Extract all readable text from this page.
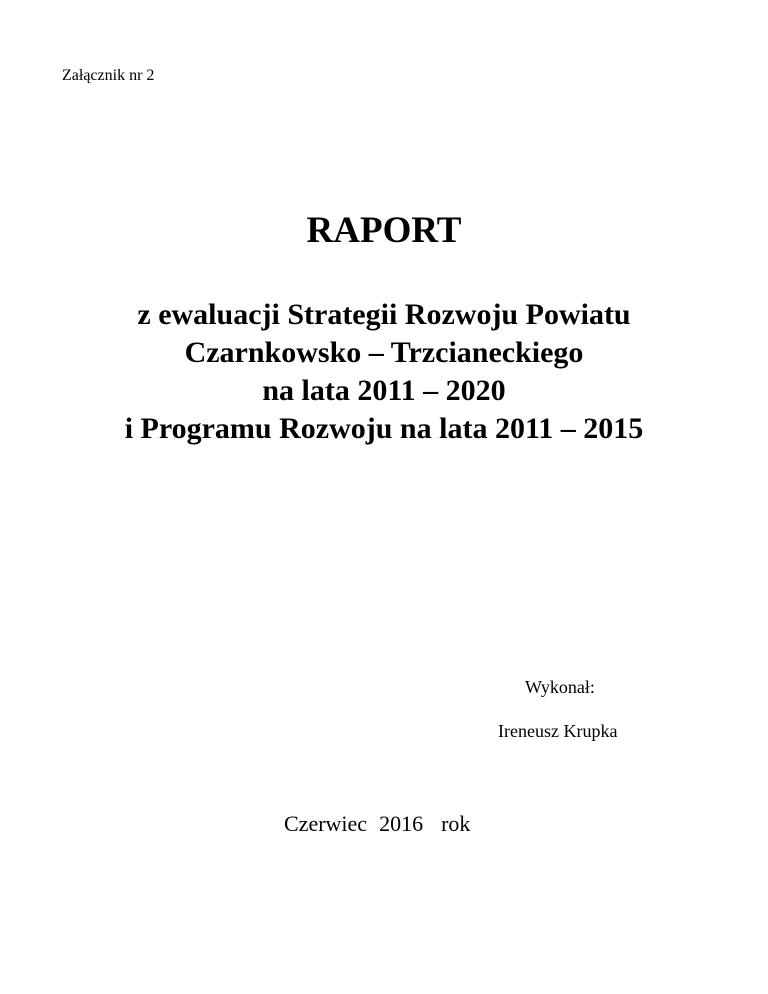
Załącznik nr 2
RAPORT
z ewaluacji Strategii Rozwoju Powiatu
Czarnkowsko – Trzcianeckiego
na lata 2011 – 2020
i Programu Rozwoju na lata 2011 – 2015
Wykonał:
Ireneusz Krupka
Czerwiec 2016 rok
